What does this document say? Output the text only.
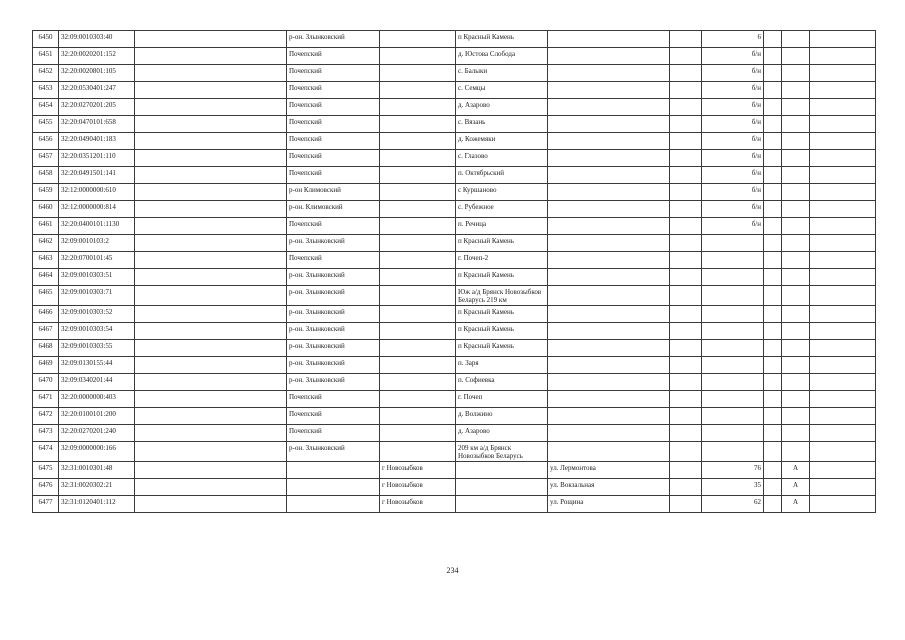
6450	32:09:0010303:40		р-он. Злынковский		п Красный Камень			6			
6451	32:20:0020201:152		Почепский		д. Юстова Слобода			б/н			
6452	32:20:0020801:105		Почепский		с. Балыки			б/н			
6453	32:20:0530401:247		Почепский		с. Семцы			б/н			
6454	32:20:0270201:205		Почепский		д. Азарово			б/н			
6455	32:20:0470101:658		Почепский		с. Вязань			б/н			
6456	32:20:0490401:183		Почепский		д. Кожемяки			б/н			
6457	32:20:0351201:110		Почепский		с. Глазово			б/н			
6458	32:20:0491501:141		Почепский		п. Октябрьский			б/н			
6459	32:12:0000000:610		р-он Климовский		с Куршановo			б/н			
6460	32:12:0000000:814		р-он. Климовский		с. Рубежное			б/н			
6461	32:20:0400101:1130		Почепский		п. Речица			б/н			
6462	32:09:0010103:2		р-он. Злынковский		п Красный Камень						
6463	32:20:0700101:45		Почепский		г. Почеп-2						
6464	32:09:0010303:51		р-он. Злынковский		п Красный Камень						
6465	32:09:0010303:71		р-он. Злынковский		Юж а/д Брянск Новозыбков Беларусь 219 км						
6466	32:09:0010303:52		р-он. Злынковский		п Красный Камень						
6467	32:09:0010303:54		р-он. Злынковский		п Красный Камень						
6468	32:09:0010303:55		р-он. Злынковский		п Красный Камень						
6469	32:09:0130155:44		р-он. Злынковский		п. Заря						
6470	32:09:0340201:44		р-он. Злынковский		п. Софиевка						
6471	32:20:0000000:403		Почепский		г. Почеп						
6472	32:20:0100101:200		Почепский		д. Волжино						
6473	32:20:0270201:240		Почепский		д. Азарово						
6474	32:09:0000000:166		р-он. Злынковский		209 км а/д Брянск Новозыбков Беларусь						
6475	32:31:0010301:48			г Новозыбков		ул. Лермонтова		76		А	
6476	32:31:0020302:21			г Новозыбков		ул. Вокзальная		35		А	
6477	32:31:0120401:112			г Новозыбков		ул. Рощина		62		А	
234
